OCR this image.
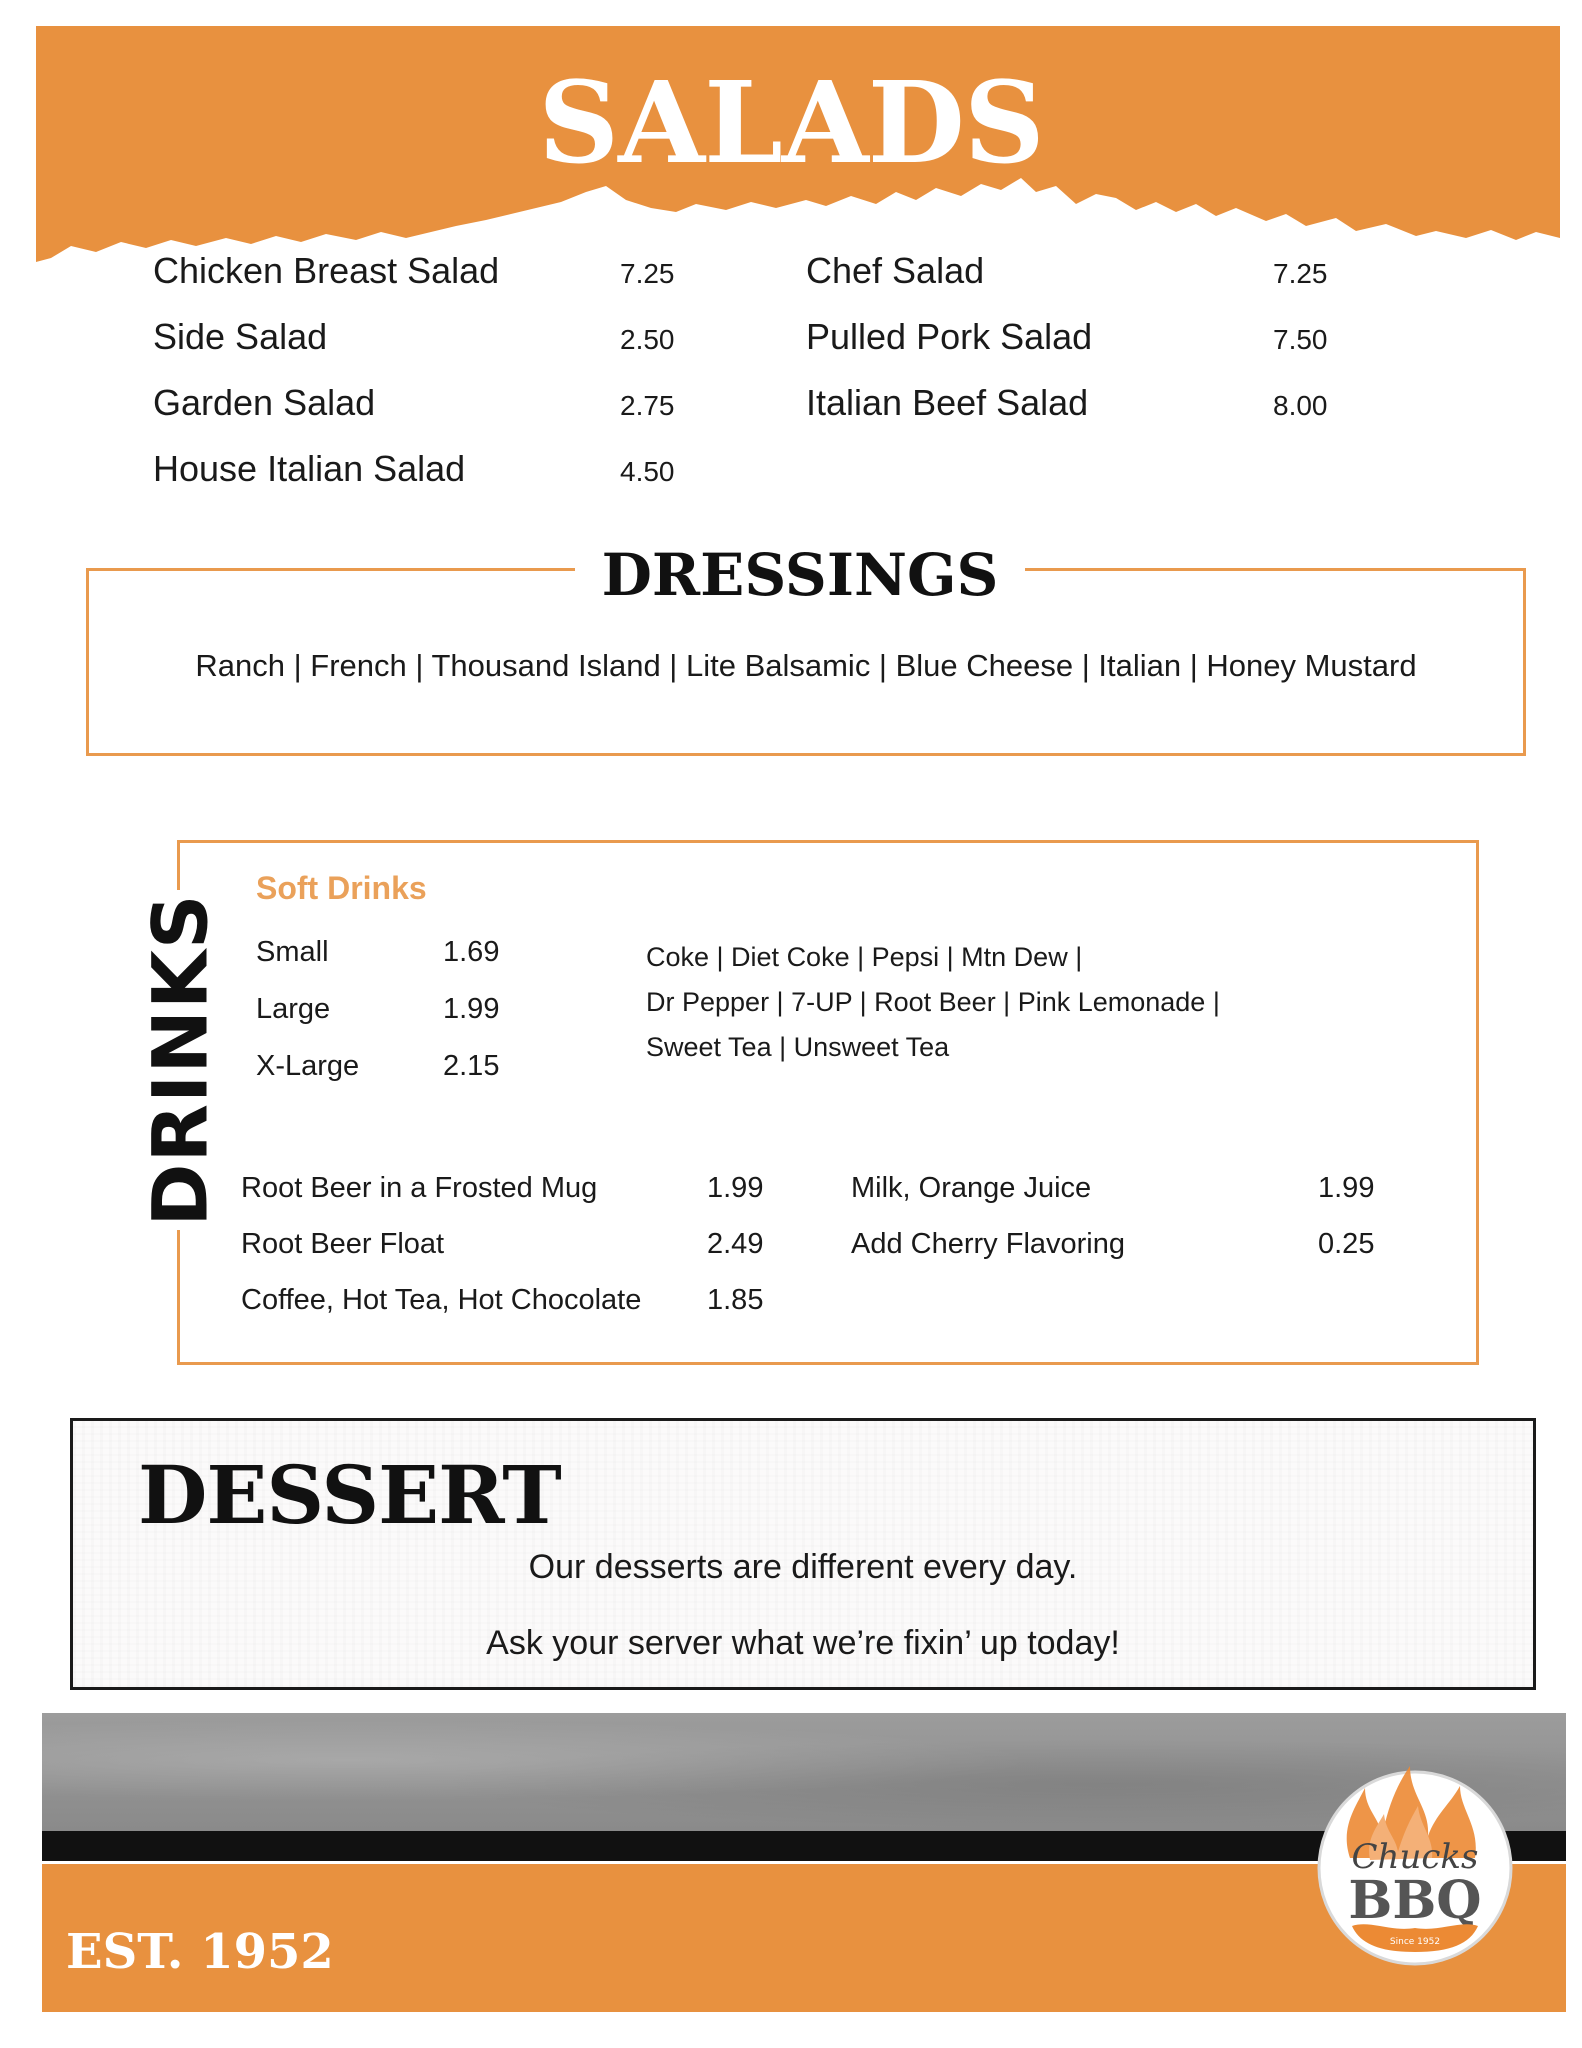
SALADS
Chicken Breast Salad	7.25
Side Salad	2.50
Garden Salad	2.75
House Italian Salad	4.50
Chef Salad	7.25
Pulled Pork Salad	7.50
Italian Beef Salad	8.00
DRESSINGS
Ranch | French | Thousand Island | Lite Balsamic | Blue Cheese | Italian | Honey Mustard
DRINKS
Soft Drinks
Small	1.69
Large	1.99
X-Large	2.15
Coke | Diet Coke | Pepsi | Mtn Dew |
Dr Pepper | 7-UP | Root Beer | Pink Lemonade |
Sweet Tea | Unsweet Tea
Root Beer in a Frosted Mug	1.99
Root Beer Float	2.49
Coffee, Hot Tea, Hot Chocolate 1.85
Milk, Orange Juice	1.99
Add Cherry Flavoring	0.25
DESSERT
Our desserts are different every day.
Ask your server what we’re fixin’ up today!
EST. 1952
Chucks
BBQ
Since 1952
